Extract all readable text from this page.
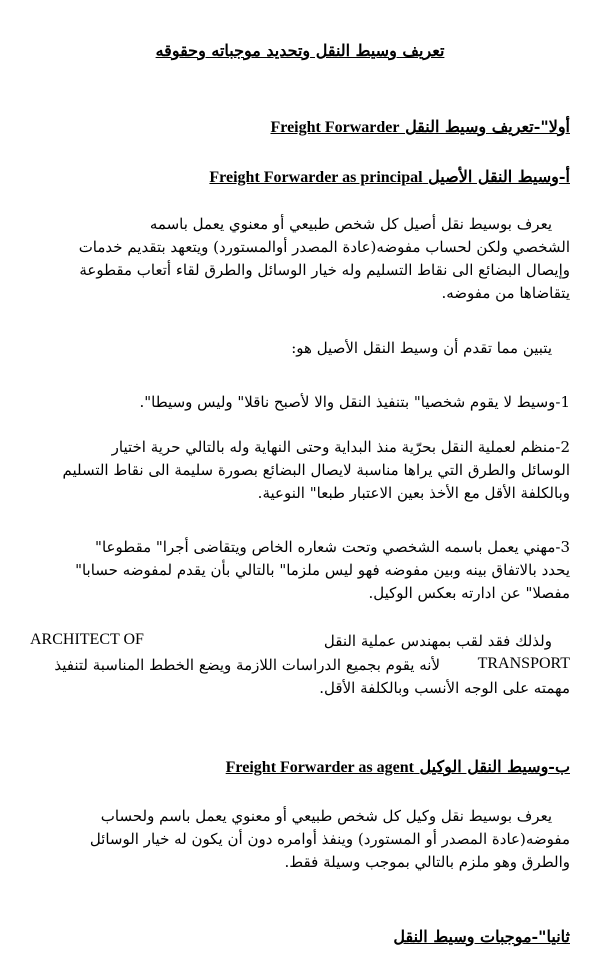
تعريف وسيط النقل وتحديد موجباته وحقوقه
أولا"-تعريف وسيط النقل Freight Forwarder
أ-وسيط النقل الأصيل Freight Forwarder as principal
يعرف بوسيط نقل أصيل كل شخص طبيعي أو معنوي يعمل باسمه
الشخصي ولكن لحساب مفوضه(عادة المصدر أوالمستورد) ويتعهد بتقديم خدمات
وإيصال البضائع الى نقاط التسليم وله خيار الوسائل والطرق لقاء أتعاب مقطوعة
يتقاضاها من مفوضه.
يتبين مما تقدم أن وسيط النقل الأصيل هو:
1-وسيط لا يقوم شخصيا" بتنفيذ النقل والا لأصبح ناقلا" وليس وسيطا".
2-منظم لعملية النقل بحرّية منذ البداية وحتى النهاية وله بالتالي حرية اختيار
الوسائل والطرق التي يراها مناسبة لايصال البضائع بصورة سليمة الى نقاط التسليم
وبالكلفة الأقل مع الأخذ بعين الاعتبار طبعا" النوعية.
3-مهني يعمل باسمه الشخصي وتحت شعاره الخاص ويتقاضى أجرا" مقطوعا"
يحدد بالاتفاق بينه وبين مفوضه فهو ليس ملزما" بالتالي بأن يقدم لمفوضه حسابا"
مفصلا" عن ادارته بعكس الوكيل.
ولذلك فقد لقب بمهندس عملية النقل
ARCHITECT OF
TRANSPORT
لأنه يقوم بجميع الدراسات اللازمة ويضع الخطط المناسبة لتنفيذ
مهمته على الوجه الأنسب وبالكلفة الأقل.
ب-وسيط النقل الوكيل Freight Forwarder as agent
يعرف بوسيط نقل وكيل كل شخص طبيعي أو معنوي يعمل باسم ولحساب
مفوضه(عادة المصدر أو المستورد) وينفذ أوامره دون أن يكون له خيار الوسائل
والطرق وهو ملزم بالتالي بموجب وسيلة فقط.
ثانيا"-موجبات وسيط النقل
